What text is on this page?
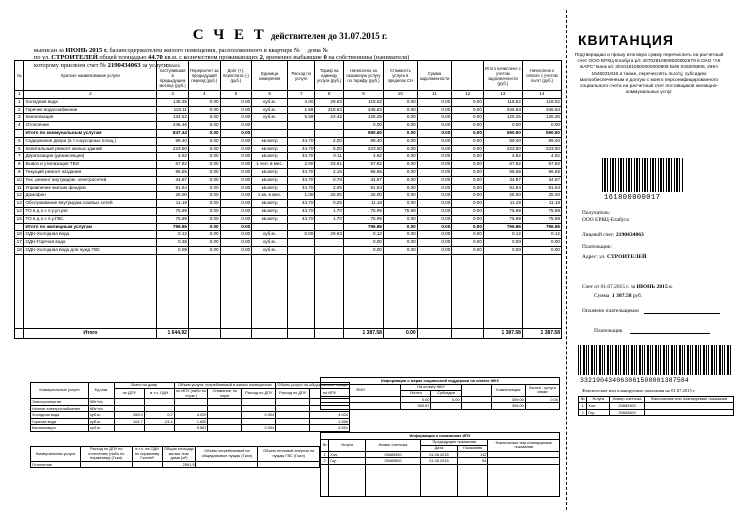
С Ч Е Т действителен до 31.07.2015 г.
выписан за ИЮНЬ 2015 г. балансодержателем жилого помещения, расположенного в квартире № дома №
по ул. СТРОИТЕЛЕЙ общей площадью 44.70 кв.м. с количеством проживающих 2, временно выбывшие 0 на собственника (нанимателя)
которому присвоен счет № 2190434063 за услуги:
№	Краткое наименование услуги	Оплата поступившая в предыдущем месяце (руб.)	Перерасчет за предыдущий период (руб.)	Долг (+), переплата (-) (руб.)	Единица измерения	Расход по услуге	Тариф на единицу услуги (руб.)	Начислено за оказанную услугу по тарифу (руб.)	Стоимость услуги в пределах СН	Сумма задолженности		Итого начислено с учетом задолженности (руб.)	Начислено к оплате с учетом льгот (руб.)
1	2	3	4	5	6	7	8	9	10	11	12	13	14
1	Холодная вода	148.35	0.00	0.00	куб.м.	4.00	29.63	118.52	0.00	0.00	0.00	118.52	118.52
2	Горячее водоснабжение	119.11	0.00	0.00	куб.м.	1.59	218.64	346.83	0.00	0.00	0.00	346.83	346.83
3	Канализация	134.52	0.00	0.00	куб.м.	5.59	22.42	125.25	0.00	0.00	0.00	125.25	125.25
4	Отопление	445.46	0.00	0.00				0.00	0.00	0.00	0.00	0.00	0.00
	Итого по коммунальным услугам	847.44	0.00	0.00				590.60	0.00	0.00	0.00	590.60	590.60
5	Содержание двора (в т.ч.мусорных площ.)	89.40	0.00	0.00	кв.метр	44.70	2.00	89.40	0.00	0.00	0.00	89.40	89.40
6	Капитальный ремонт жилых зданий	223.50	0.00	0.00	кв.метр	44.70	5.00	223.50	0.00	0.00	0.00	223.50	223.50
7	Дератизация (дезинсекция)	4.92	0.00	0.00	кв.метр	44.70	0.11	4.92	0.00	0.00	0.00	4.92	4.92
8	Вывоз и утилизация ТБО	67.82	0.00	0.00	1 чел. в мес.	2.00	33.91	67.82	0.00	0.00	0.00	67.82	67.82
9	Текущий ремонт ж/здания	96.55	0.00	0.00	кв.метр	44.70	2.16	96.55	0.00	0.00	0.00	96.55	96.55
10	Тех. ремонт внутридом. электросетей	34.87	0.00	0.00	кв.метр	44.70	0.78	34.87	0.00	0.00	0.00	34.87	34.87
11	Управление жилым фондом	91.64	0.00	0.00	кв.метр	44.70	2.05	91.64	0.00	0.00	0.00	91.64	91.64
12	Домофон	25.00	0.00	0.00	1 кв. в мес.	1.00	25.00	25.00	0.00	0.00	0.00	25.00	25.00
13	Обслуживание внутридом.газовых сетей	11.18	0.00	0.00	кв.метр	44.70	0.25	11.18	0.00	0.00	0.00	11.18	11.18
14	ТО в д о с п.у.ул.рег.	75.99	0.00	0.00	кв.метр	44.70	1.70	75.99	75.99	0.00	0.00	75.99	75.99
15	ТО в д о с п.у.ГВС	75.99	0.00	0.00	кв.метр	44.70	1.70	75.99	0.00	0.00	0.00	75.99	75.99
	Итого по жилищным услугам	796.86	0.00	0.00				796.86	0.00	0.00	0.00	796.86	796.86
16	ОДН-Холодная вода	0.12	0.00	0.00	куб.м.	0.00	29.63	0.12	0.00	0.00	0.00	0.12	0.12
17	ОДН-Горячая вода	0.38	0.00	0.00	куб.м.			0.00	0.00	0.00	0.00	0.00	0.00
18	ОДН-Холодная вода для нужд ГВС	0.09	0.00	0.00	куб.м.			0.00	0.00	0.00	0.00	0.00	0.00

	Итого	1 644.92						1 387.58	0.00			1 387.58	1 387.58
Коммунальные услуги	Ед.изм.	Всего по дому		Объем услуги, потребляемый в жилых помещениях			Объем услуги на общедомовые нужды	
		по ДПУ	в т.ч. ОДН	по ИПУ (либо по норм.)	Снижение, по норм.	Расход по ДПУ	Расход по ДПУ	по ИПУ
Электроэнергия	КВт*ч/с							
Ночное электроснабжение	КВт*ч/с							
Холодная вода	куб.м.	268.0	0.2	4.000		0.004		4.004
Горячая вода	куб.м.	104.7	-24.4	1.600				1.586
Канализация	куб.м.			5.587		0.004		5.591
Коммунальная услуга	Расход по ДПУ по отоплению (либо по нормативу) (Гкал)	в т.ч. на ОДН по нормативу Гкал/м²	Общая площадь жилых пом. дома (м²)	Объем потребляемый на общедомовые нужды (Гкал)	Объем тепловой энергии на нужды ГВС (Гкал)
Отопление			2591.5		
Информация о мерах социальной поддержки по оплате ЖКУ					
ФИО	На оплату ЖКУ			Компенсация	Льгота - услуги связи
	Льгота	Субсидия			
	0.00	0.00		309.00	0.00
	583.87			309.00	
Информация о показаниях ИПУ					
№	Услуга	Номер счетчика	Предыдущие показания		Фактические или планируемые показания
			Дата	Показания	
1	Хол.	25683300	01.06.2015	142	
2	Гор.	25683600	01.06.2015	54	

КВИТАНЦИЯ
Подтверждаю и прошу итоговую сумму перечислить на расчетный счет ООО ЕРКЦ-Елабуга р/с 40702810509020002579 в ОАО "АК БАРС" Банк к/с 30101810000000000805 БИК 049205805, ИНН 1646031816 а также, перечислять льготу, субсидию малообеспеченным и долгую с моего персонифицированного социального счета на расчетный счет поставщиков жилищно-коммунальных услуг
161800000017
Получатель:
ООО ЕРКЦ-Елабуга
Лицевой счет: 2190434063
Плательщик:
Адрес: ул. СТРОИТЕЛЕЙ
Счет от 01.07.2015 г. за ИЮНЬ 2015 г.
Сумма 1 387.58 руб.
Оплачено плательщиком
Плательщик
332190434063061500001387584
Фактические или планируемые показания на 01.07.2015 г.
№	Услуга	Номер счетчика	Фактические или планируемые показания
1	Хол.	25683300	
2	Гор.	25683600	
